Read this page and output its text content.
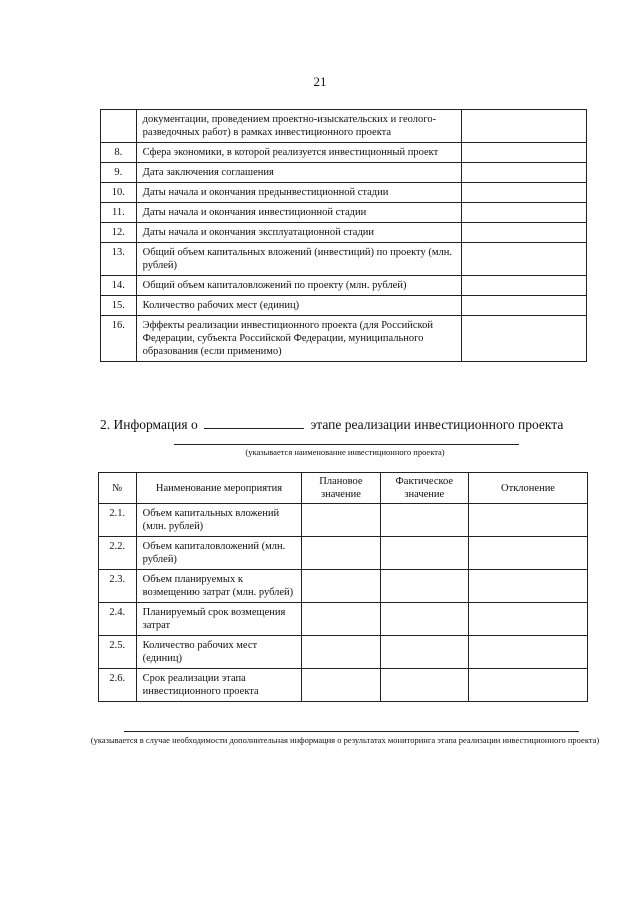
21
	документации, проведением проектно-изыскательских и геолого-разведочных работ) в рамках инвестиционного проекта	
8.	Сфера экономики, в которой реализуется инвестиционный проект	
9.	Дата заключения соглашения	
10.	Даты начала и окончания предынвестиционной стадии	
11.	Даты начала и окончания инвестиционной стадии	
12.	Даты начала и окончания эксплуатационной стадии	
13.	Общий объем капитальных вложений (инвестиций) по проекту (млн. рублей)	
14.	Общий объем капиталовложений по проекту (млн. рублей)	
15.	Количество рабочих мест (единиц)	
16.	Эффекты реализации инвестиционного проекта (для Российской Федерации, субъекта Российской Федерации, муниципального образования (если применимо)	
2. Информация о	этапе реализации инвестиционного проекта
(указывается наименование инвестиционного проекта)
№	Наименование мероприятия	Плановое значение	Фактическое значение	Отклонение
2.1.	Объем капитальных вложений (млн. рублей)			
2.2.	Объем капиталовложений (млн. рублей)			
2.3.	Объем планируемых к возмещению затрат (млн. рублей)			
2.4.	Планируемый срок возмещения затрат			
2.5.	Количество рабочих мест (единиц)			
2.6.	Срок реализации этапа инвестиционного проекта			
(указывается в случае необходимости дополнительная информация о результатах мониторинга этапа реализации инвестиционного проекта)
